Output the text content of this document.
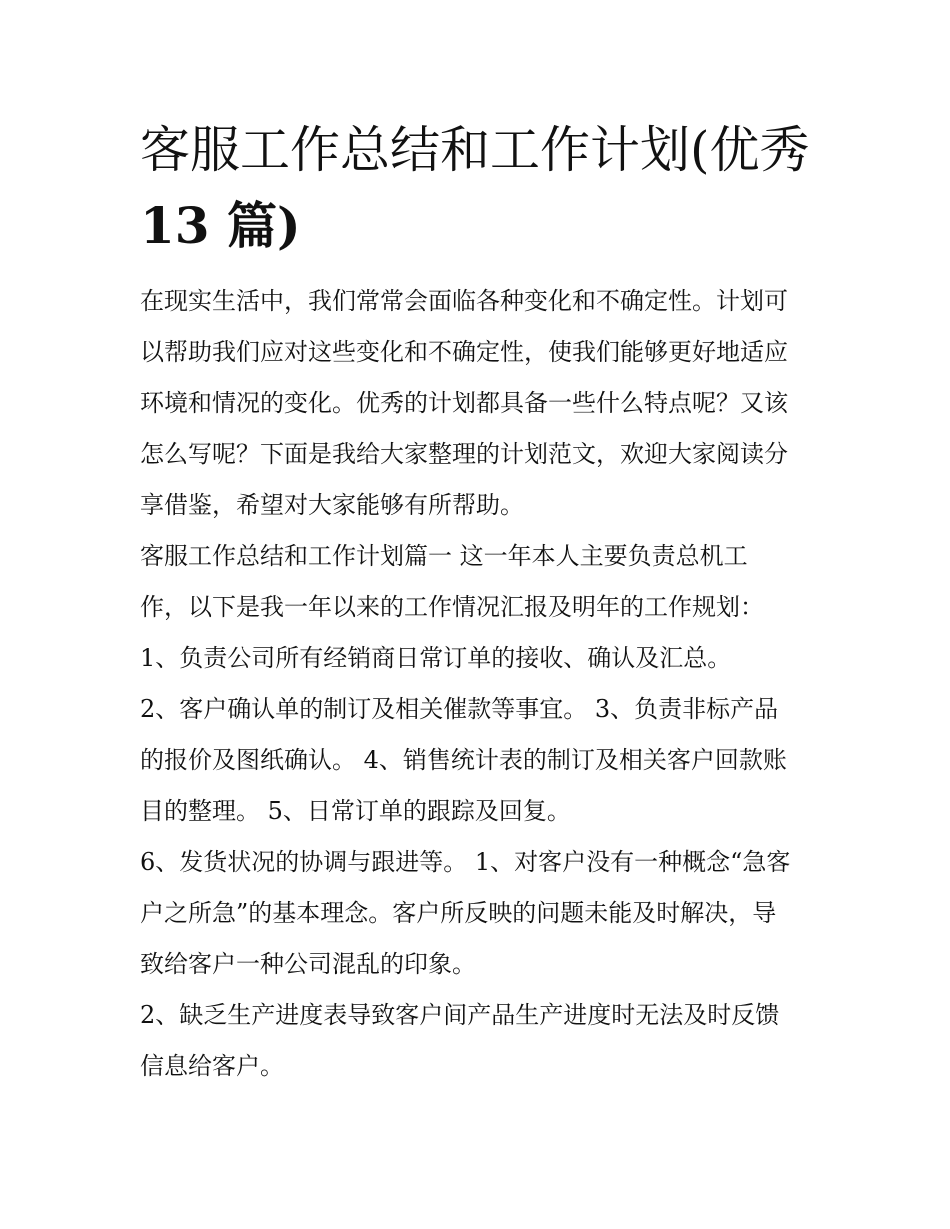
客服工作总结和工作计划(优秀
13 篇)
在现实生活中，我们常常会面临各种变化和不确定性。计划可
以帮助我们应对这些变化和不确定性，使我们能够更好地适应
环境和情况的变化。优秀的计划都具备一些什么特点呢？又该
怎么写呢？下面是我给大家整理的计划范文，欢迎大家阅读分
享借鉴，希望对大家能够有所帮助。
客服工作总结和工作计划篇一 这一年本人主要负责总机工
作，以下是我一年以来的工作情况汇报及明年的工作规划：
1、负责公司所有经销商日常订单的接收、确认及汇总。
2、客户确认单的制订及相关催款等事宜。 3、负责非标产品
的报价及图纸确认。 4、销售统计表的制订及相关客户回款账
目的整理。 5、日常订单的跟踪及回复。
6、发货状况的协调与跟进等。 1、对客户没有一种概念“急客
户之所急”的基本理念。客户所反映的问题未能及时解决，导
致给客户一种公司混乱的印象。
2、缺乏生产进度表导致客户间产品生产进度时无法及时反馈
信息给客户。
